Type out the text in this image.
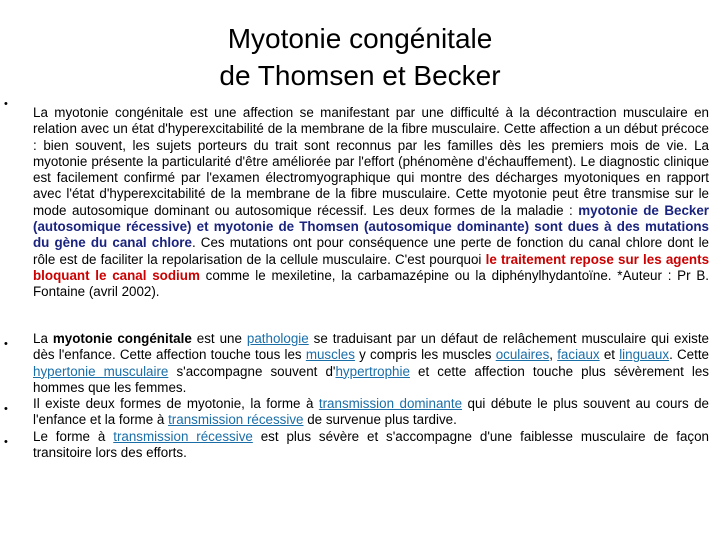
Myotonie congénitale
de Thomsen et Becker
•
La myotonie congénitale est une affection se manifestant par une difficulté à la décontraction musculaire en relation avec un état d'hyperexcitabilité de la membrane de la fibre musculaire. Cette affection a un début précoce : bien souvent, les sujets porteurs du trait sont reconnus par les familles dès les premiers mois de vie. La myotonie présente la particularité d'être améliorée par l'effort (phénomène d'échauffement). Le diagnostic clinique est facilement confirmé par l'examen électromyographique qui montre des décharges myotoniques en rapport avec l'état d'hyperexcitabilité de la membrane de la fibre musculaire. Cette myotonie peut être transmise sur le mode autosomique dominant ou autosomique récessif. Les deux formes de la maladie : myotonie de Becker (autosomique récessive) et myotonie de Thomsen (autosomique dominante) sont dues à des mutations du gène du canal chlore. Ces mutations ont pour conséquence une perte de fonction du canal chlore dont le rôle est de faciliter la repolarisation de la cellule musculaire. C'est pourquoi le traitement repose sur les agents bloquant le canal sodium comme le mexiletine, la carbamazépine ou la diphénylhydantoïne. *Auteur : Pr B. Fontaine (avril 2002).
• La myotonie congénitale est une pathologie se traduisant par un défaut de relâchement musculaire qui existe dès l'enfance. Cette affection touche tous les muscles y compris les muscles oculaires, faciaux et linguaux. Cette hypertonie musculaire s'accompagne souvent d'hypertrophie et cette affection touche plus sévèrement les hommes que les femmes.
• Il existe deux formes de myotonie, la forme à transmission dominante qui débute le plus souvent au cours de l'enfance et la forme à transmission récessive de survenue plus tardive.
• Le forme à transmission récessive est plus sévère et s'accompagne d'une faiblesse musculaire de façon transitoire lors des efforts.
